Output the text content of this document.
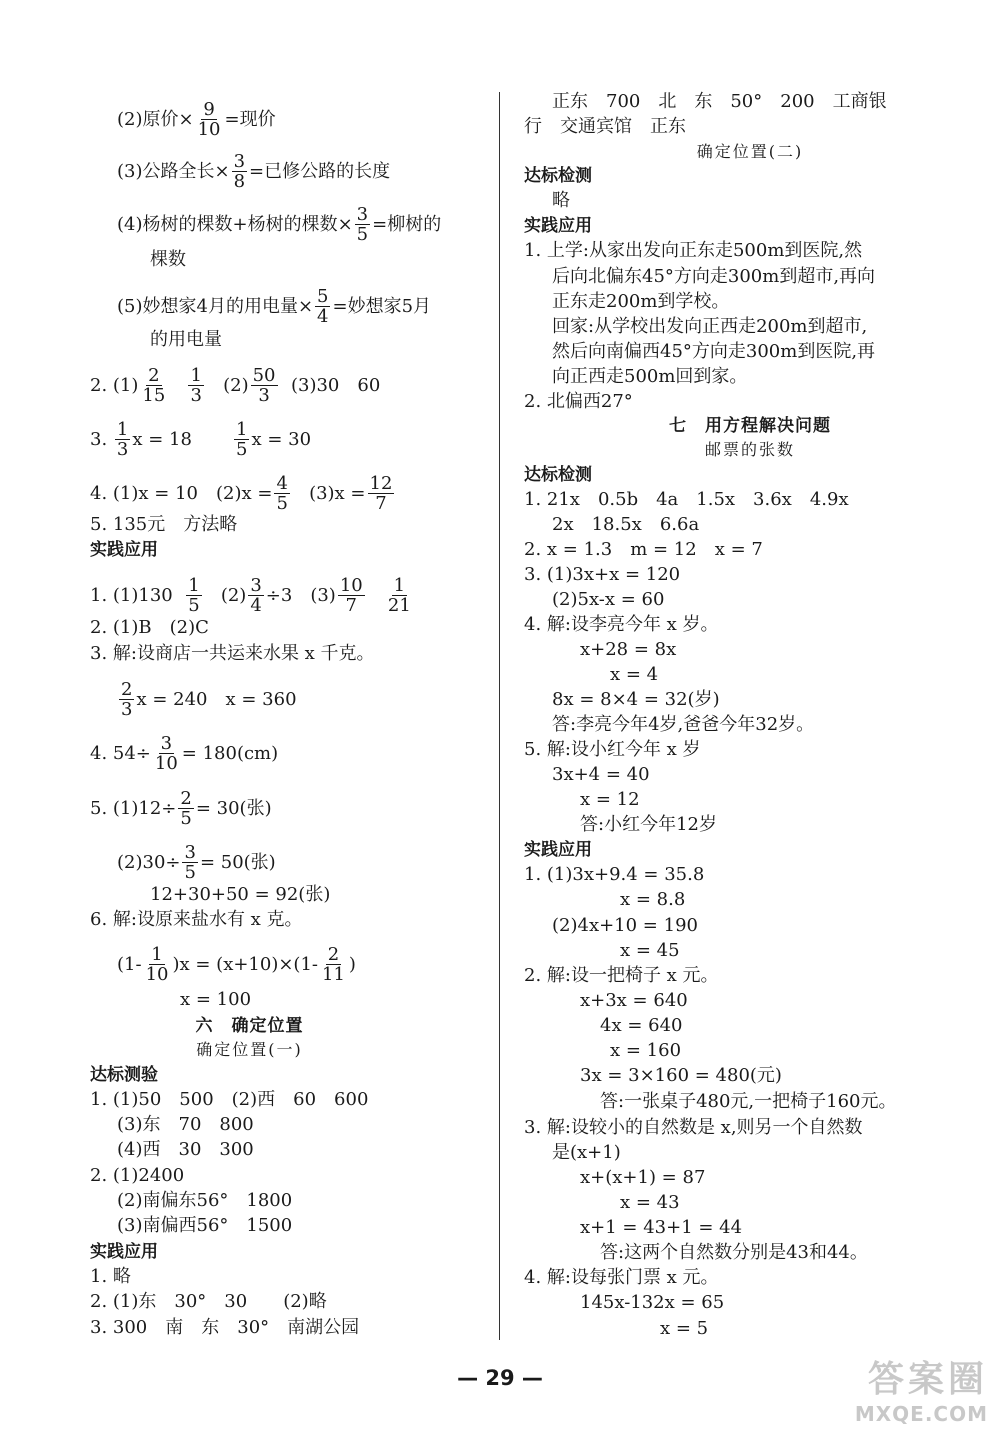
(2)原价× $\frac{9}{10}$ =现价
(3)公路全长× $\frac{3}{8}$ =已修公路的长度
(4)杨树的棵数+杨树的棵数× $\frac{3}{5}$ =柳树的
棵数
(5)妙想家4月的用电量× $\frac{5}{4}$ =妙想家5月
的用电量
2. $(1) \frac{2}{15}$
$\frac{1}{3} (2) \frac{50}{3} (3)30$　60
3. $\frac{1}{3}$ $x = 18 \frac{1}{5}$ x = 30
4. (1)x = 10　$(2)x = \frac{4}{5} (3)x = \frac{12}{7}$
5. 135元　方法略
实践应用
1. $(1)130 \frac{1}{5} (2) \frac{3}{4} \div 3$　$(3) \frac{10}{7}$
$\frac{1}{21}$
2. (1)B　(2)C
3. 解:设商店一共运来水果 x 千克。
$\frac{2}{3}$ x = 240　x = 360
4. $54\div \frac{3}{10} = 180(cm)$
5. $(1)12\div \frac{2}{5} = 30$(张)
$(2)30\div \frac{3}{5} = 50$(张)
12+30+50 = 92(张)
6. 解:设原来盐水有 x 克。
$(1- \frac{1}{10} )x = (x+10)\times(1- \frac{2}{11}$ )
x = 100
六　确定位置
确定位置(一)
达标测验
1. (1)50　500　(2)西　60　600
(3)东　70　800
(4)西　30　300
2. (1)2400
(2)南偏东56°　1800
(3)南偏西56°　1500
实践应用
1. 略
2. (1)东　30°　30　　(2)略
3. 300　南　东　30°　南湖公园
正东　700　北　东　50°　200　工商银
行　交通宾馆　正东
确定位置(二)
达标检测
略
实践应用
1. 上学:从家出发向正东走500m到医院,然
后向北偏东45°方向走300m到超市,再向
正东走200m到学校。
回家:从学校出发向正西走200m到超市,
然后向南偏西45°方向走300m到医院,再
向正西走500m回到家。
2. 北偏西27°
七　用方程解决问题
邮票的张数
达标检测
1. 21x　0.5b　4a　1.5x　3.6x　4.9x
2x　18.5x　6.6a
2. x = 1.3　m = 12　x = 7
3. (1)3x+x = 120
(2)5x-x = 60
4. 解:设李亮今年 x 岁。
x+28 = 8x
x = 4
8x = 8×4 = 32(岁)
答:李亮今年4岁,爸爸今年32岁。
5. 解:设小红今年 x 岁
3x+4 = 40
x = 12
答:小红今年12岁
实践应用
1. (1)3x+9.4 = 35.8
x = 8.8
(2)4x+10 = 190
x = 45
2. 解:设一把椅子 x 元。
x+3x = 640
4x = 640
x = 160
3x = 3×160 = 480(元)
答:一张桌子480元,一把椅子160元。
3. 解:设较小的自然数是 x,则另一个自然数
是(x+1)
x+(x+1) = 87
x = 43
x+1 = 43+1 = 44
答:这两个自然数分别是43和44。
4. 解:设每张门票 x 元。
145x-132x = 65
x = 5
— 29 —	答案圈
MXQE.COM
